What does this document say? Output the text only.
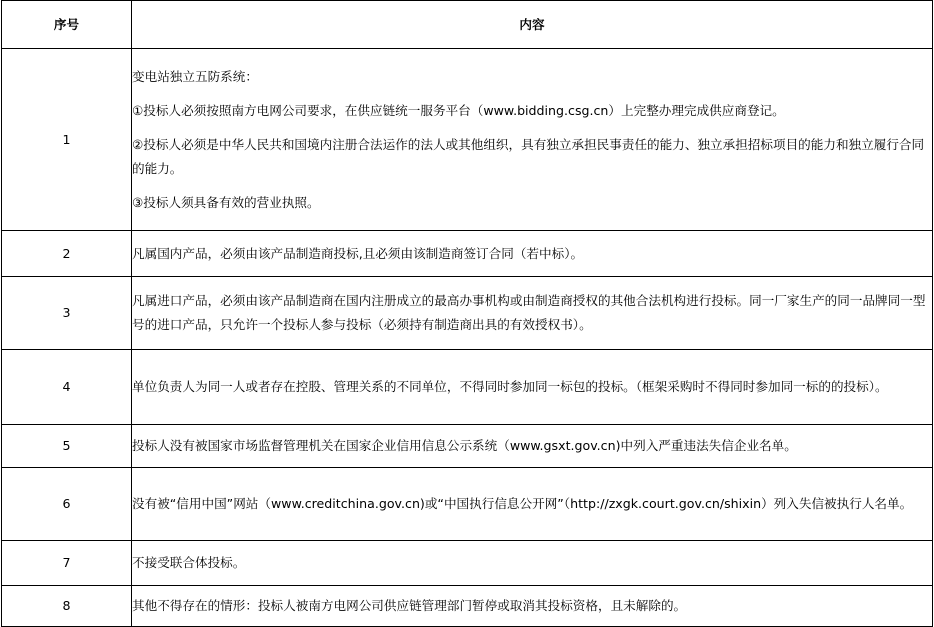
序号	内容
1	变电站独立五防系统：

①投标人必须按照南方电网公司要求，在供应链统一服务平台（www.bidding.csg.cn）上完整办理完成供应商登记。

②投标人必须是中华人民共和国境内注册合法运作的法人或其他组织，具有独立承担民事责任的能力、独立承担招标项目的能力和独立履行合同的能力。

③投标人须具备有效的营业执照。

2	凡属国内产品，必须由该产品制造商投标,且必须由该制造商签订合同（若中标）。
3	凡属进口产品，必须由该产品制造商在国内注册成立的最高办事机构或由制造商授权的其他合法机构进行投标。同一厂家生产的同一品牌同一型号的进口产品，只允许一个投标人参与投标（必须持有制造商出具的有效授权书）。
4	单位负责人为同一人或者存在控股、管理关系的不同单位，不得同时参加同一标包的投标。（框架采购时不得同时参加同一标的的投标）。
5	投标人没有被国家市场监督管理机关在国家企业信用信息公示系统（www.gsxt.gov.cn)中列入严重违法失信企业名单。
6	没有被“信用中国”网站（www.creditchina.gov.cn)或“中国执行信息公开网”（http://zxgk.court.gov.cn/shixin）列入失信被执行人名单。
7	不接受联合体投标。
8	其他不得存在的情形：投标人被南方电网公司供应链管理部门暂停或取消其投标资格，且未解除的。
